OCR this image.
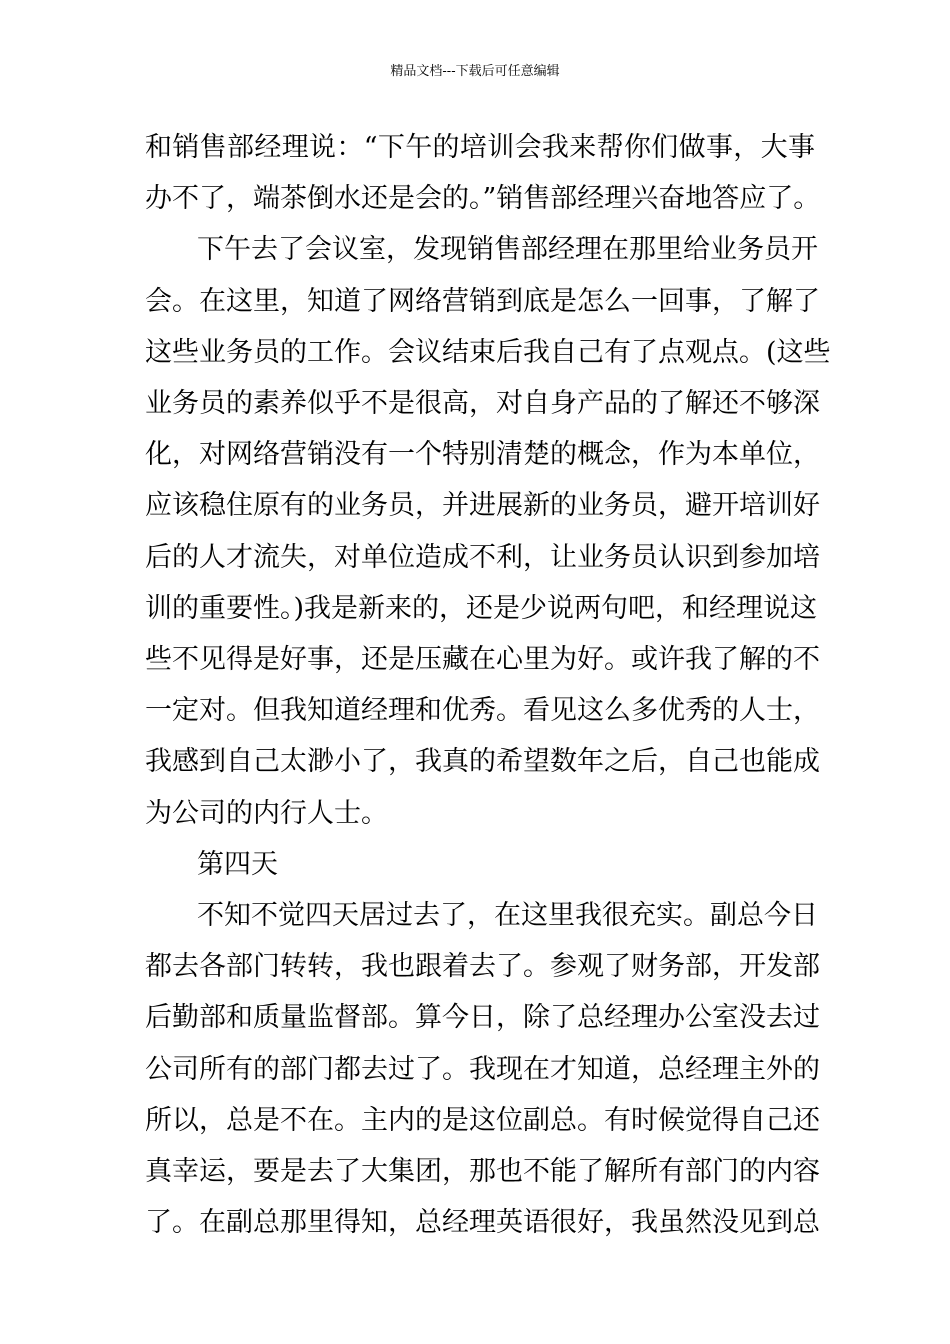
精品文档---下载后可任意编辑
和销售部经理说：“下午的培训会我来帮你们做事，大事
办不了，端茶倒水还是会的。”销售部经理兴奋地答应了。
下午去了会议室，发现销售部经理在那里给业务员开
会。在这里，知道了网络营销到底是怎么一回事，了解了
这些业务员的工作。会议结束后我自己有了点观点。(这些
业务员的素养似乎不是很高，对自身产品的了解还不够深
化，对网络营销没有一个特别清楚的概念，作为本单位，
应该稳住原有的业务员，并进展新的业务员，避开培训好
后的人才流失，对单位造成不利，让业务员认识到参加培
训的重要性。)我是新来的，还是少说两句吧，和经理说这
些不见得是好事，还是压藏在心里为好。或许我了解的不
一定对。但我知道经理和优秀。看见这么多优秀的人士，
我感到自己太渺小了，我真的希望数年之后，自己也能成
为公司的内行人士。
第四天
不知不觉四天居过去了，在这里我很充实。副总今日
都去各部门转转，我也跟着去了。参观了财务部，开发部
后勤部和质量监督部。算今日，除了总经理办公室没去过
公司所有的部门都去过了。我现在才知道，总经理主外的
所以，总是不在。主内的是这位副总。有时候觉得自己还
真幸运，要是去了大集团，那也不能了解所有部门的内容
了。在副总那里得知，总经理英语很好，我虽然没见到总
